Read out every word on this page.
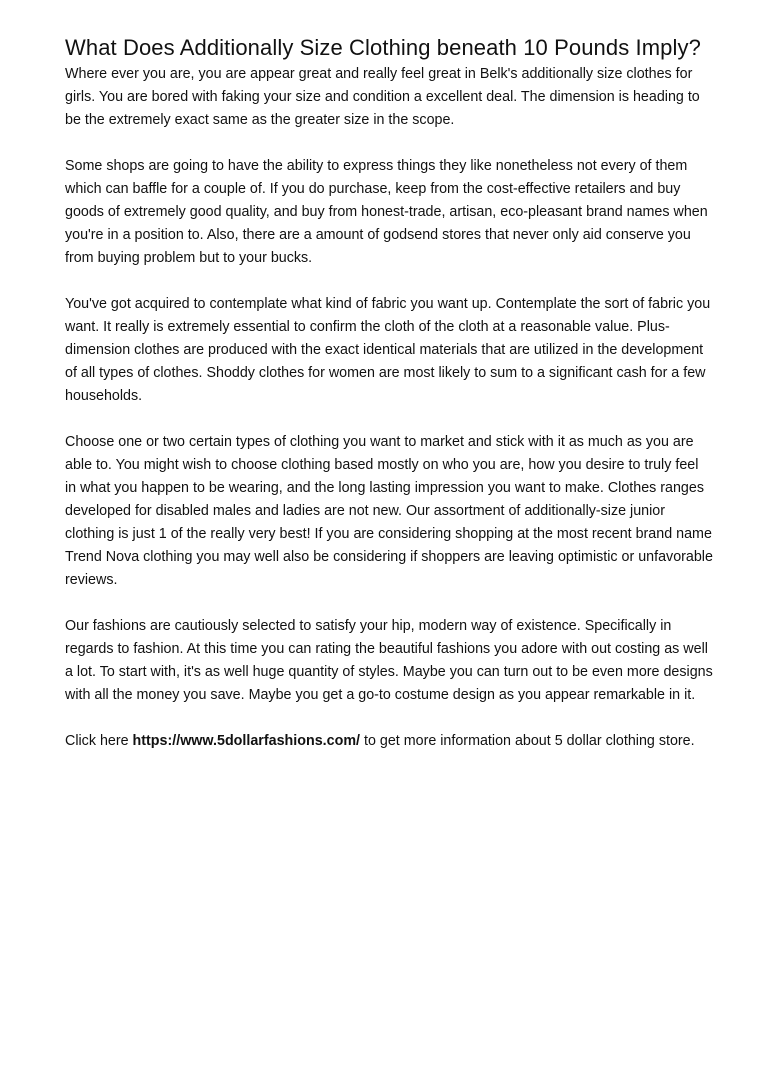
What Does Additionally Size Clothing beneath 10 Pounds Imply?

Where ever you are, you are appear great and really feel great in Belk's additionally size clothes for girls. You are bored with faking your size and condition a excellent deal. The dimension is heading to be the extremely exact same as the greater size in the scope.

Some shops are going to have the ability to express things they like nonetheless not every of them which can baffle for a couple of. If you do purchase, keep from the cost-effective retailers and buy goods of extremely good quality, and buy from honest-trade, artisan, eco-pleasant brand names when you're in a position to. Also, there are a amount of godsend stores that never only aid conserve you from buying problem but to your bucks.

You've got acquired to contemplate what kind of fabric you want up. Contemplate the sort of fabric you want. It really is extremely essential to confirm the cloth of the cloth at a reasonable value. Plus-dimension clothes are produced with the exact identical materials that are utilized in the development of all types of clothes. Shoddy clothes for women are most likely to sum to a significant cash for a few households.

Choose one or two certain types of clothing you want to market and stick with it as much as you are able to. You might wish to choose clothing based mostly on who you are, how you desire to truly feel in what you happen to be wearing, and the long lasting impression you want to make. Clothes ranges developed for disabled males and ladies are not new. Our assortment of additionally-size junior clothing is just 1 of the really very best! If you are considering shopping at the most recent brand name Trend Nova clothing you may well also be considering if shoppers are leaving optimistic or unfavorable reviews.

Our fashions are cautiously selected to satisfy your hip, modern way of existence. Specifically in regards to fashion. At this time you can rating the beautiful fashions you adore with out costing as well a lot. To start with, it's as well huge quantity of styles. Maybe you can turn out to be even more designs with all the money you save. Maybe you get a go-to costume design as you appear remarkable in it.

Click here https://www.5dollarfashions.com/ to get more information about 5 dollar clothing store.
